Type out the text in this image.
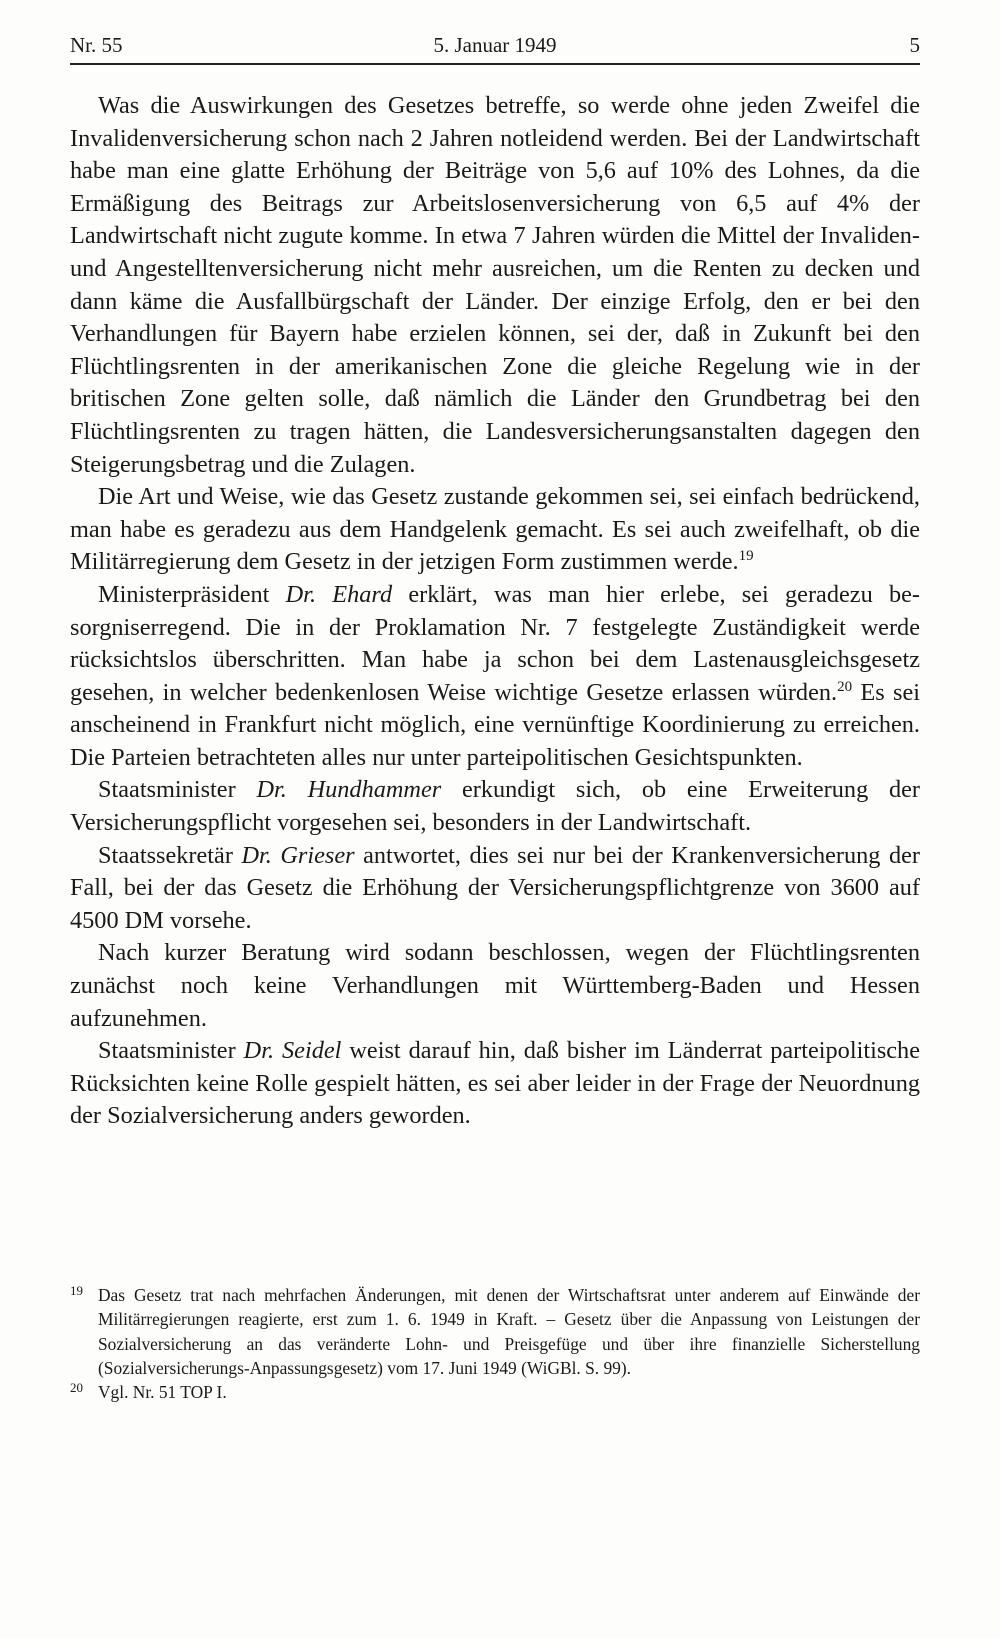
Nr. 55	5. Januar 1949	5

Was die Auswirkungen des Gesetzes betreffe, so werde ohne jeden Zweifel die Invalidenversicherung schon nach 2 Jahren notleidend werden. Bei der Landwirtschaft habe man eine glatte Erhöhung der Beiträge von 5,6 auf 10% des Lohnes, da die Ermäßigung des Beitrags zur Arbeitslosenversicherung von 6,5 auf 4% der Landwirtschaft nicht zugute komme. In etwa 7 Jahren würden die Mittel der Invaliden- und Angestelltenversicherung nicht mehr ausreichen, um die Renten zu decken und dann käme die Ausfallbürgschaft der Länder. Der einzige Erfolg, den er bei den Verhandlungen für Bayern habe erzielen können, sei der, daß in Zukunft bei den Flüchtlingsrenten in der amerikanischen Zone die gleiche Regelung wie in der britischen Zone gelten solle, daß nämlich die Länder den Grundbetrag bei den Flüchtlingsrenten zu tragen hätten, die Landesversicherungsanstalten dagegen den Steigerungsbetrag und die Zulagen.

Die Art und Weise, wie das Gesetz zustande gekommen sei, sei einfach bedrückend, man habe es geradezu aus dem Handgelenk gemacht. Es sei auch zweifelhaft, ob die Militärregierung dem Gesetz in der jetzigen Form zustimmen werde.$^{19}$

Ministerpräsident Dr. Ehard erklärt, was man hier erlebe, sei geradezu besorgniserregend. Die in der Proklamation Nr. 7 festgelegte Zuständigkeit werde rücksichtslos überschritten. Man habe ja schon bei dem Lastenausgleichsgesetz gesehen, in welcher bedenkenlosen Weise wichtige Gesetze erlassen würden.$^{20}$ Es sei anscheinend in Frankfurt nicht möglich, eine vernünftige Koordinierung zu erreichen. Die Parteien betrachteten alles nur unter parteipolitischen Gesichtspunkten.

Staatsminister Dr. Hundhammer erkundigt sich, ob eine Erweiterung der Versicherungspflicht vorgesehen sei, besonders in der Landwirtschaft.

Staatssekretär Dr. Grieser antwortet, dies sei nur bei der Krankenversicherung der Fall, bei der das Gesetz die Erhöhung der Versicherungspflichtgrenze von 3600 auf 4500 DM vorsehe.

Nach kurzer Beratung wird sodann beschlossen, wegen der Flüchtlingsrenten zunächst noch keine Verhandlungen mit Württemberg-Baden und Hessen aufzunehmen.

Staatsminister Dr. Seidel weist darauf hin, daß bisher im Länderrat parteipolitische Rücksichten keine Rolle gespielt hätten, es sei aber leider in der Frage der Neuordnung der Sozialversicherung anders geworden.

19 Das Gesetz trat nach mehrfachen Änderungen, mit denen der Wirtschaftsrat unter anderem auf Einwände der Militärregierungen reagierte, erst zum 1. 6. 1949 in Kraft. – Gesetz über die Anpassung von Leistungen der Sozialversicherung an das veränderte Lohn- und Preisgefüge und über ihre finanzielle Sicherstellung (Sozialversicherungs-Anpassungsgesetz) vom 17. Juni 1949 (WiGBl. S. 99).
20 Vgl. Nr. 51 TOP I.
